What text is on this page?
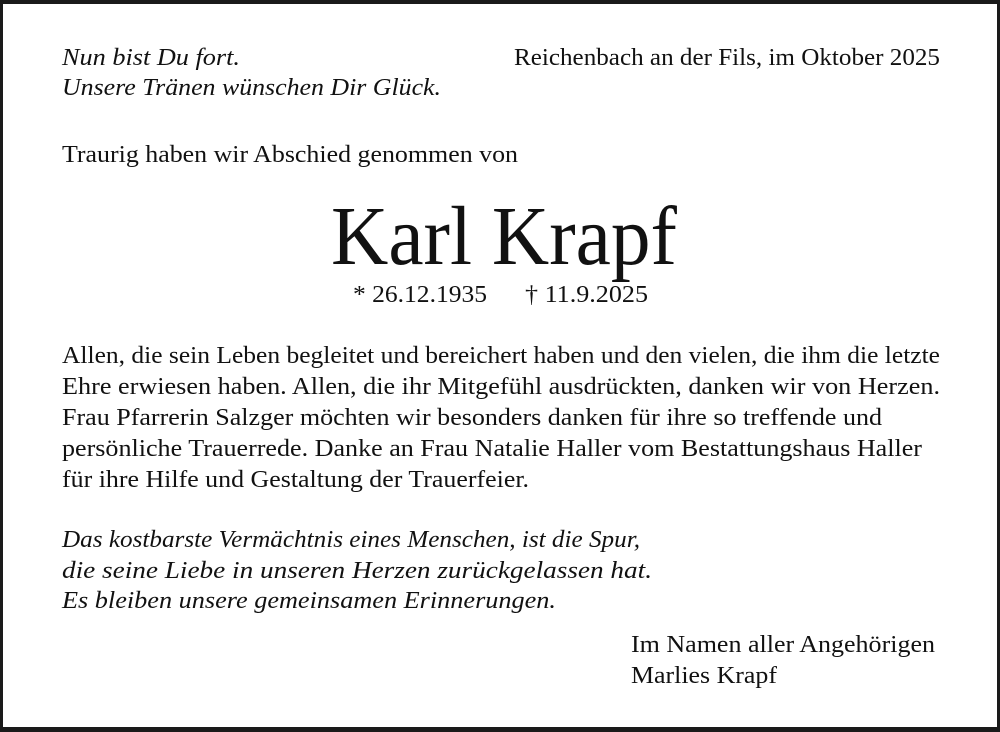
Nun bist Du fort.
Unsere Tränen wünschen Dir Glück.
Reichenbach an der Fils, im Oktober 2025
Traurig haben wir Abschied genommen von
Karl Krapf
* 26.12.1935 † 11.9.2025
Allen, die sein Leben begleitet und bereichert haben und den vielen, die ihm die letzte
Ehre erwiesen haben. Allen, die ihr Mitgefühl ausdrückten, danken wir von Herzen.
Frau Pfarrerin Salzger möchten wir besonders danken für ihre so treffende und
persönliche Trauerrede. Danke an Frau Natalie Haller vom Bestattungshaus Haller
für ihre Hilfe und Gestaltung der Trauerfeier.
Das kostbarste Vermächtnis eines Menschen, ist die Spur,
die seine Liebe in unseren Herzen zurückgelassen hat.
Es bleiben unsere gemeinsamen Erinnerungen.
Im Namen aller Angehörigen
Marlies Krapf
